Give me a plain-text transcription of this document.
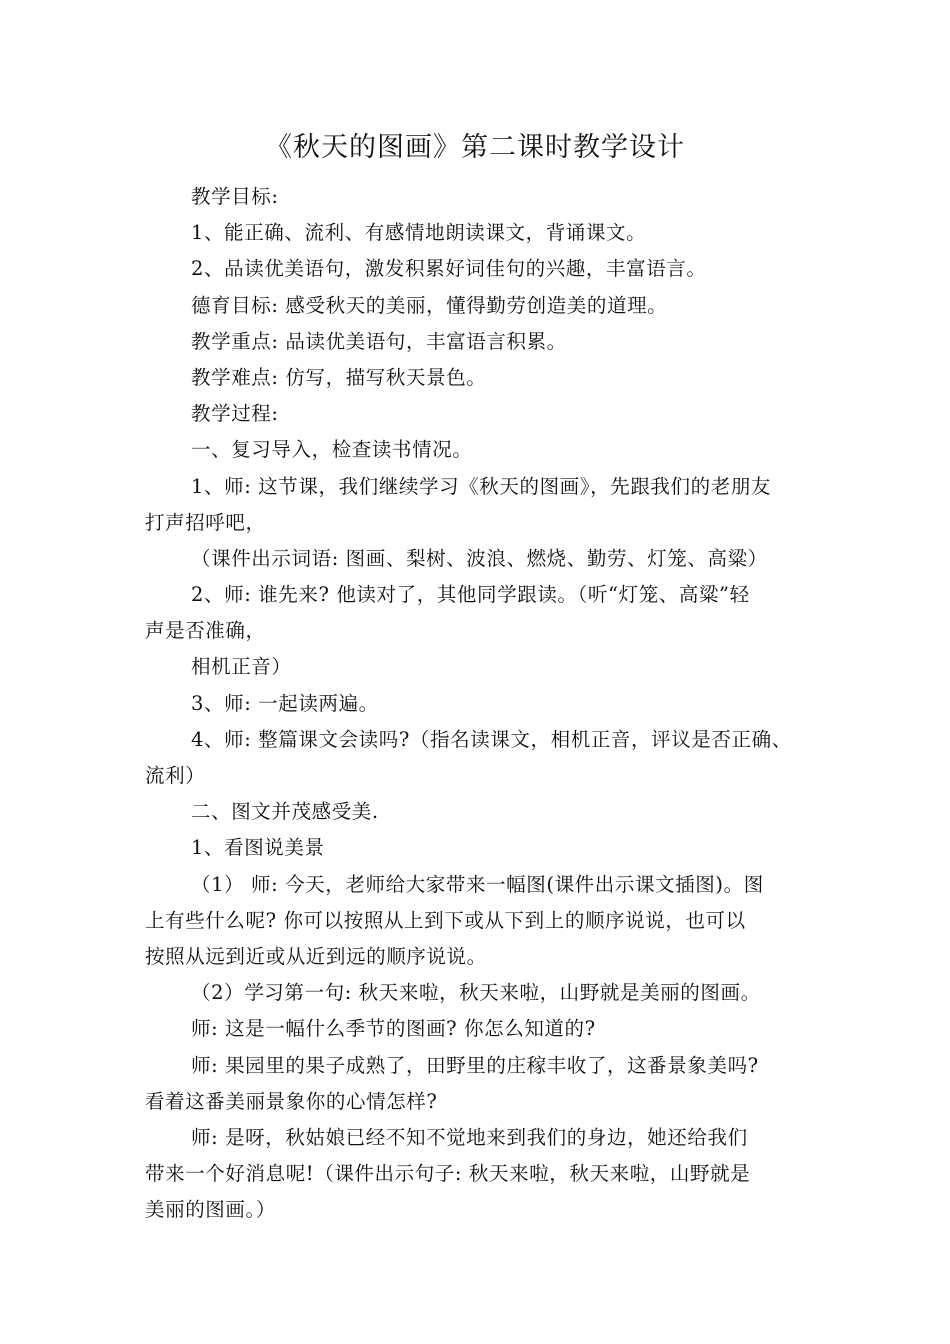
《秋天的图画》第二课时教学设计
教学目标:
1、能正确、流利、有感情地朗读课文，背诵课文。
2、品读优美语句，激发积累好词佳句的兴趣，丰富语言。
德育目标: 感受秋天的美丽，懂得勤劳创造美的道理。
教学重点: 品读优美语句，丰富语言积累。
教学难点: 仿写，描写秋天景色。
教学过程:
一、复习导入，检查读书情况。
1、师: 这节课，我们继续学习《秋天的图画》，先跟我们的老朋友
打声招呼吧，
（课件出示词语: 图画、梨树、波浪、燃烧、勤劳、灯笼、高粱）
2、师: 谁先来? 他读对了，其他同学跟读。（听“灯笼、高粱”轻
声是否准确，
相机正音）
3、师: 一起读两遍。
4、师: 整篇课文会读吗?（指名读课文，相机正音，评议是否正确、
流利）
二、图文并茂感受美.
1、看图说美景
（1） 师: 今天，老师给大家带来一幅图(课件出示课文插图)。图
上有些什么呢? 你可以按照从上到下或从下到上的顺序说说，也可以
按照从远到近或从近到远的顺序说说。
（2）学习第一句: 秋天来啦，秋天来啦，山野就是美丽的图画。
师: 这是一幅什么季节的图画? 你怎么知道的?
师: 果园里的果子成熟了，田野里的庄稼丰收了，这番景象美吗?
看着这番美丽景象你的心情怎样?
师: 是呀，秋姑娘已经不知不觉地来到我们的身边，她还给我们
带来一个好消息呢!（课件出示句子: 秋天来啦，秋天来啦，山野就是
美丽的图画。）
